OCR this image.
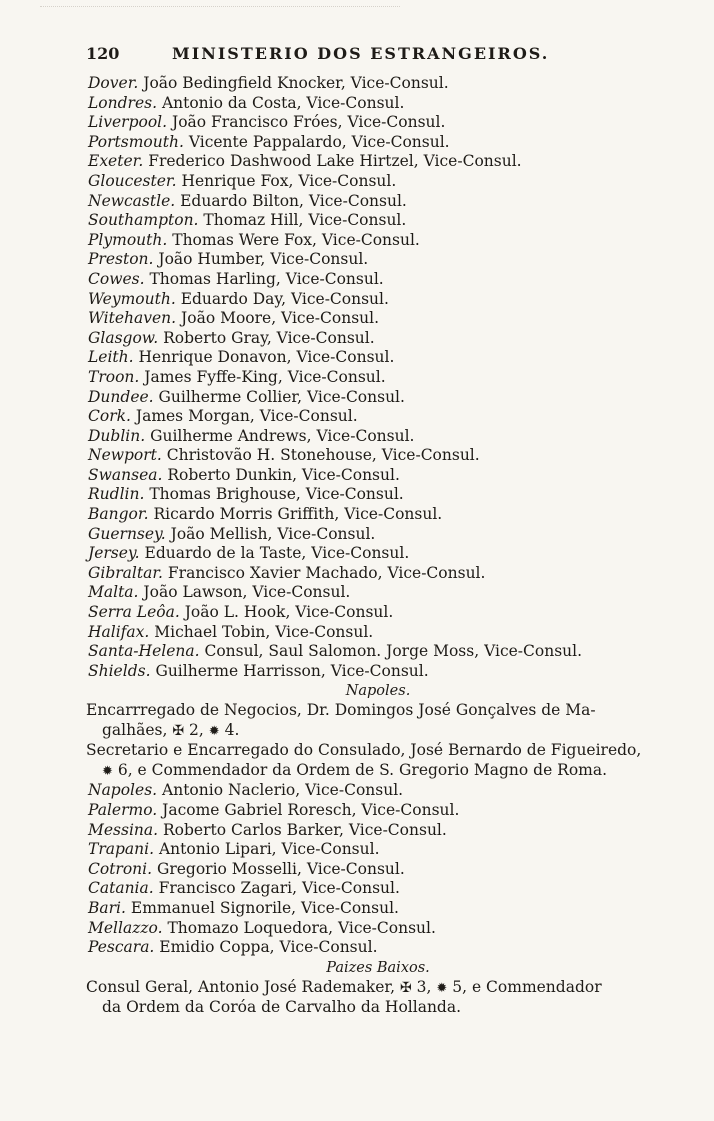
120	MINISTERIO DOS ESTRANGEIROS.
Dover. João Bedingfield Knocker, Vice-Consul.
Londres. Antonio da Costa, Vice-Consul.
Liverpool. João Francisco Fróes, Vice-Consul.
Portsmouth. Vicente Pappalardo, Vice-Consul.
Exeter. Frederico Dashwood Lake Hirtzel, Vice-Consul.
Gloucester. Henrique Fox, Vice-Consul.
Newcastle. Eduardo Bilton, Vice-Consul.
Southampton. Thomaz Hill, Vice-Consul.
Plymouth. Thomas Were Fox, Vice-Consul.
Preston. João Humber, Vice-Consul.
Cowes. Thomas Harling, Vice-Consul.
Weymouth. Eduardo Day, Vice-Consul.
Witehaven. João Moore, Vice-Consul.
Glasgow. Roberto Gray, Vice-Consul.
Leith. Henrique Donavon, Vice-Consul.
Troon. James Fyffe-King, Vice-Consul.
Dundee. Guilherme Collier, Vice-Consul.
Cork. James Morgan, Vice-Consul.
Dublin. Guilherme Andrews, Vice-Consul.
Newport. Christovão H. Stonehouse, Vice-Consul.
Swansea. Roberto Dunkin, Vice-Consul.
Rudlin. Thomas Brighouse, Vice-Consul.
Bangor. Ricardo Morris Griffith, Vice-Consul.
Guernsey. João Mellish, Vice-Consul.
Jersey. Eduardo de la Taste, Vice-Consul.
Gibraltar. Francisco Xavier Machado, Vice-Consul.
Malta. João Lawson, Vice-Consul.
Serra Leôa. João L. Hook, Vice-Consul.
Halifax. Michael Tobin, Vice-Consul.
Santa-Helena. Consul, Saul Salomon. Jorge Moss, Vice-Consul.
Shields. Guilherme Harrisson, Vice-Consul.
Napoles.
Encarrregado de Negocios, Dr. Domingos José Gonçalves de Ma-
galhães, ✠ 2, ✹ 4.
Secretario e Encarregado do Consulado, José Bernardo de Figueiredo,
✹ 6, e Commendador da Ordem de S. Gregorio Magno de Roma.
Napoles. Antonio Naclerio, Vice-Consul.
Palermo. Jacome Gabriel Roresch, Vice-Consul.
Messina. Roberto Carlos Barker, Vice-Consul.
Trapani. Antonio Lipari, Vice-Consul.
Cotroni. Gregorio Mosselli, Vice-Consul.
Catania. Francisco Zagari, Vice-Consul.
Bari. Emmanuel Signorile, Vice-Consul.
Mellazzo. Thomazo Loquedora, Vice-Consul.
Pescara. Emidio Coppa, Vice-Consul.
Paizes Baixos.
Consul Geral, Antonio José Rademaker, ✠ 3, ✹ 5, e Commendador
da Ordem da Coróa de Carvalho da Hollanda.
